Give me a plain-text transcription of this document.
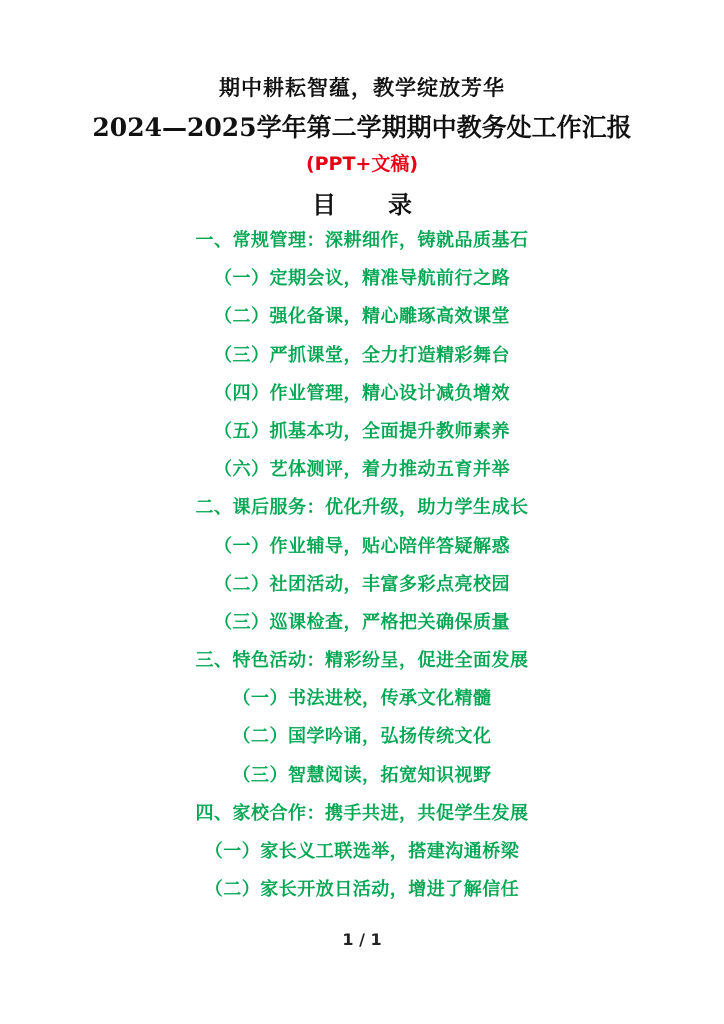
期中耕耘智蕴，教学绽放芳华
2024—2025学年第二学期期中教务处工作汇报
(PPT+文稿)
目　录
一、常规管理：深耕细作，铸就品质基石
（一）定期会议，精准导航前行之路
（二）强化备课，精心雕琢高效课堂
（三）严抓课堂，全力打造精彩舞台
（四）作业管理，精心设计减负增效
（五）抓基本功，全面提升教师素养
（六）艺体测评，着力推动五育并举
二、课后服务：优化升级，助力学生成长
（一）作业辅导，贴心陪伴答疑解惑
（二）社团活动，丰富多彩点亮校园
（三）巡课检查，严格把关确保质量
三、特色活动：精彩纷呈，促进全面发展
（一）书法进校，传承文化精髓
（二）国学吟诵，弘扬传统文化
（三）智慧阅读，拓宽知识视野
四、家校合作：携手共进，共促学生发展
（一）家长义工联选举，搭建沟通桥梁
（二）家长开放日活动，增进了解信任
1 / 1
